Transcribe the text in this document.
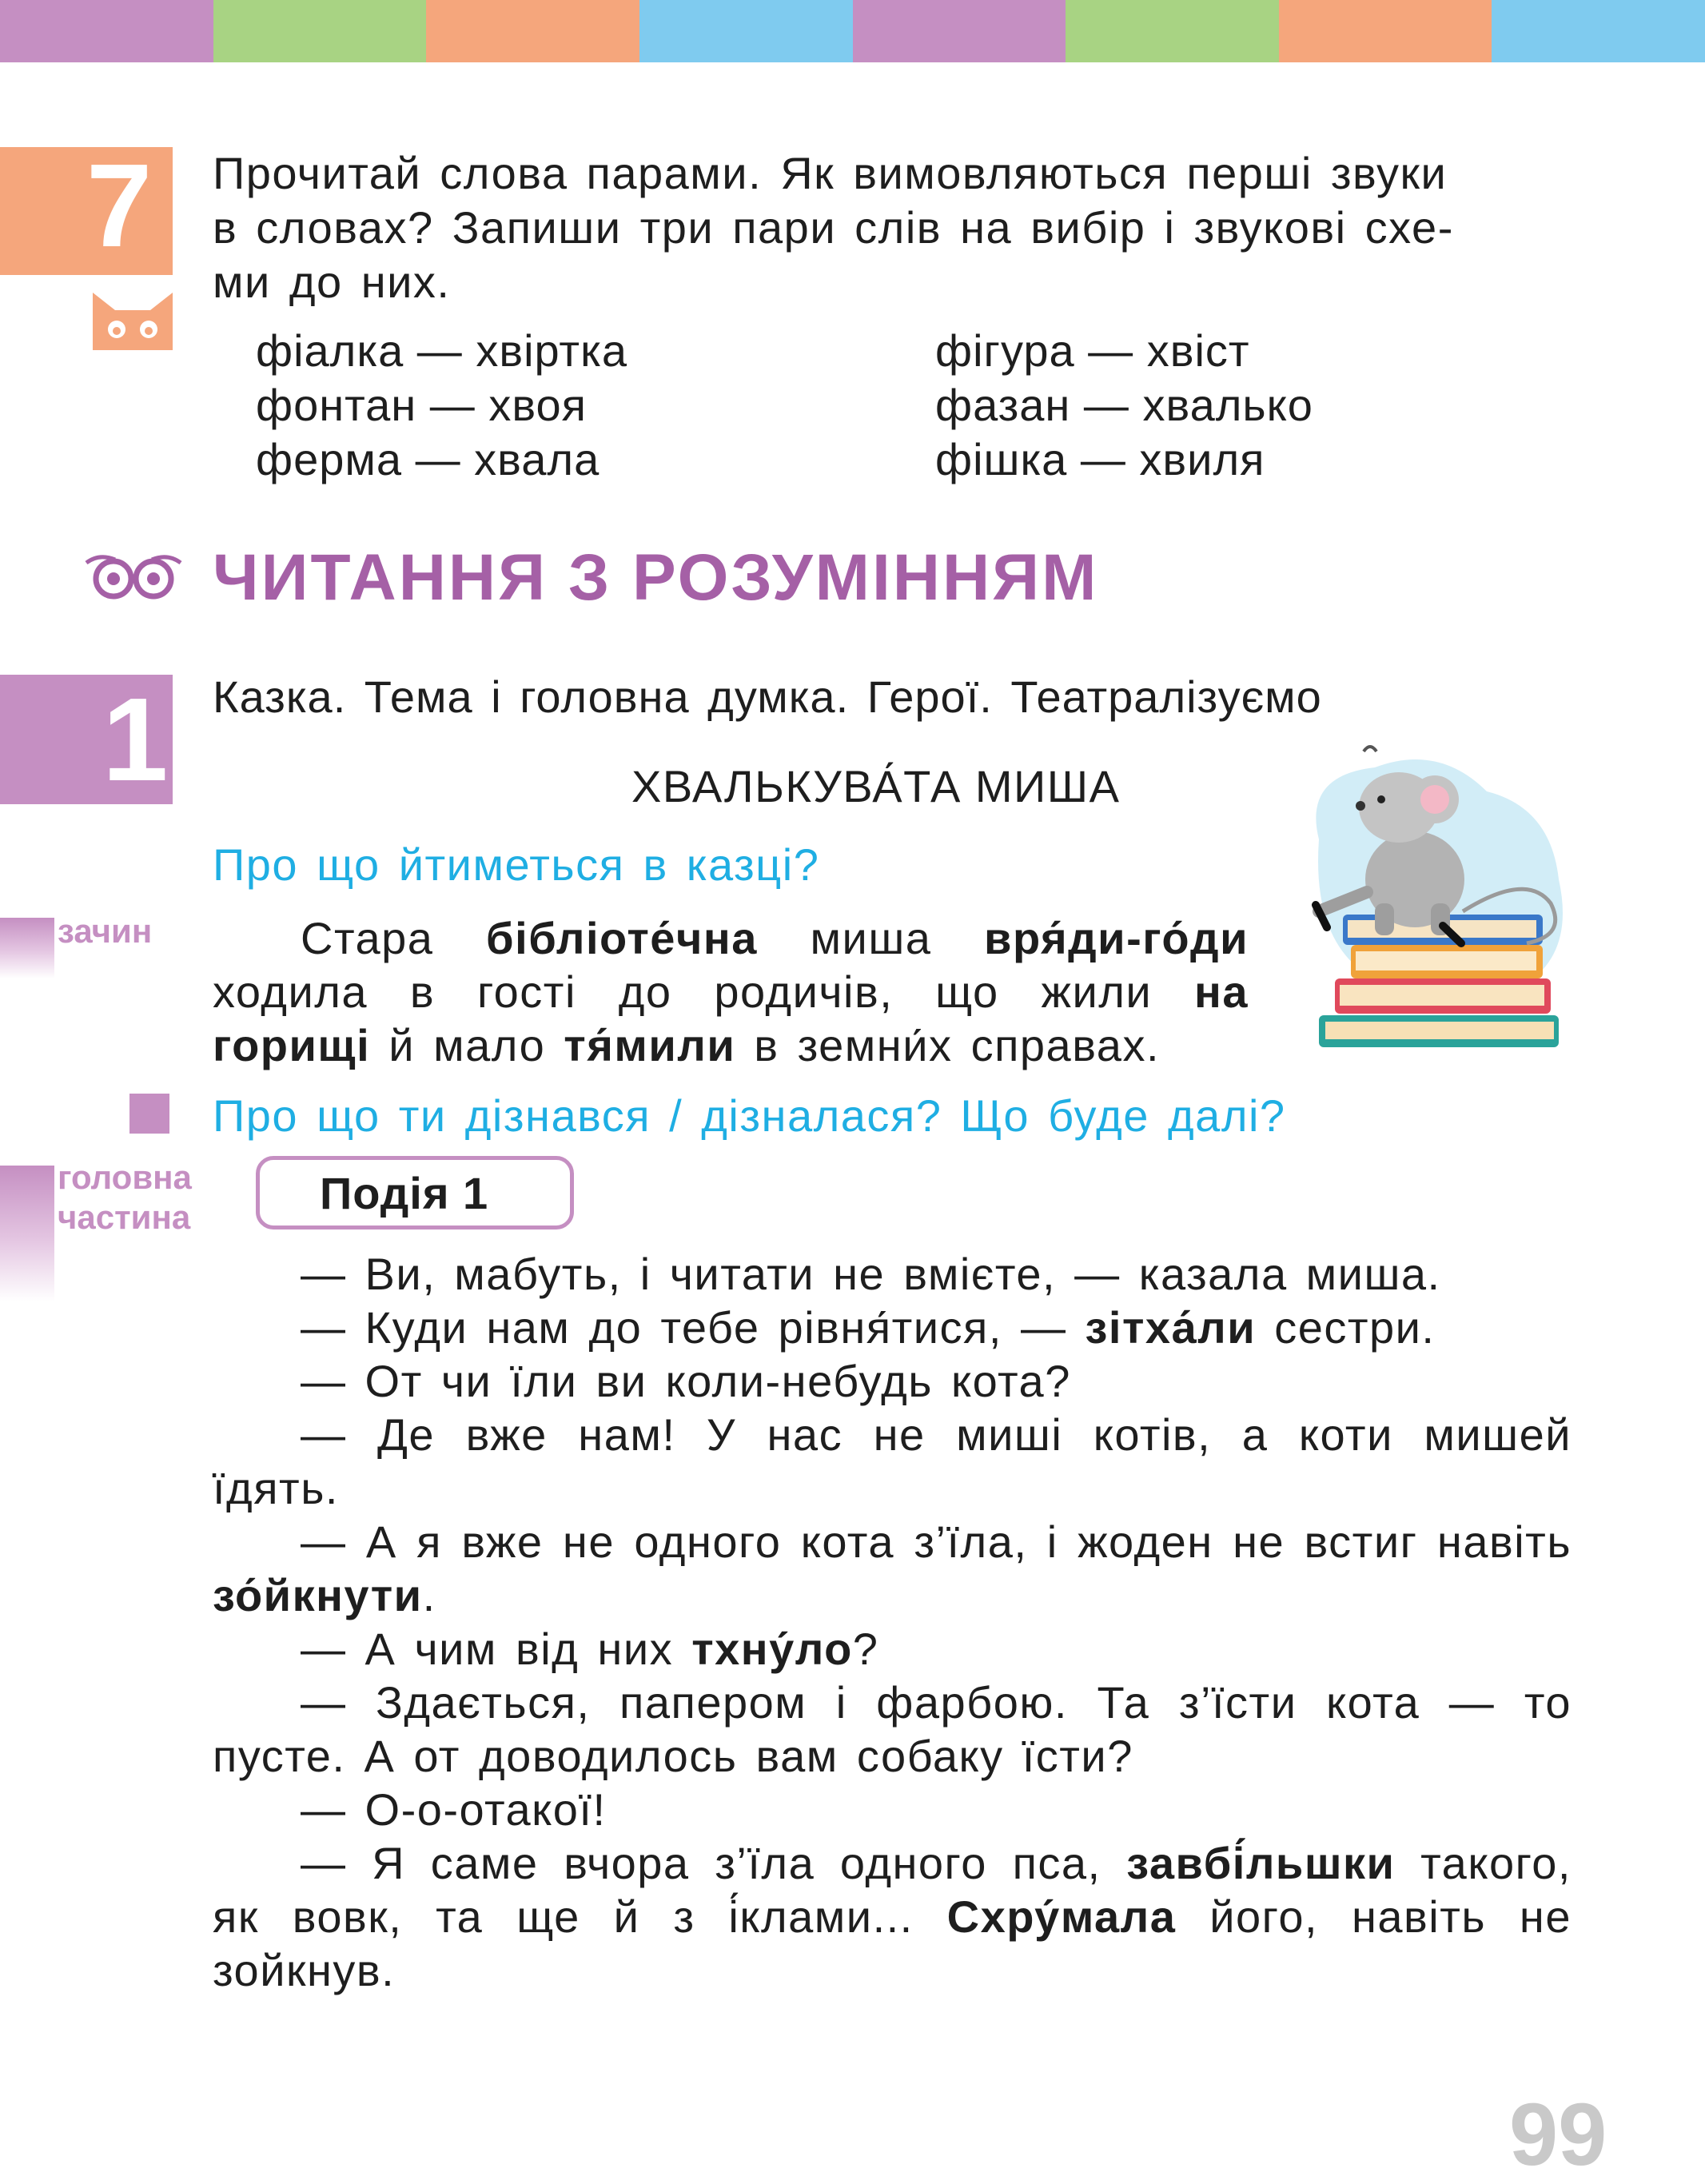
7 Прочитай слова парами. Як вимовляються перші звуки
в словах? Запиши три пари слів на вибір і звукові схе-
ми до них.
фіалка — хвіртка
фонтан — хвоя
ферма — хвала
фігура — хвіст
фазан — хвалько
фішка — хвиля
ЧИТАННЯ З РОЗУМІННЯМ
1 Казка. Тема і головна думка. Герої. Театралізуємо
ХВАЛЬКУВА́ТА МИША
Про що йтиметься в казці?
зачин	Стара бібліоте́чна миша вря́ди-го́ди ходила в гості до родичів, що жили на горищі й мало тя́мили в земни́х справах.

Про що ти дізнався / дізналася? Що буде далі?
головна
частина	Подія 1

— Ви, мабуть, і читати не вмієте, — казала миша.

— Куди нам до тебе рівня́тися, — зітха́ли сестри.

— От чи їли ви коли-небудь кота?

— Де вже нам! У нас не миші котів, а коти мишей їдять.

— А я вже не одного кота з’їла, і жоден не встиг навіть зо́йкнути.

— А чим від них тхну́ло?

— Здається, папером і фарбою. Та з’їсти кота — то пусте. А от доводилось вам собаку їсти?

— О-о-отакої!

— Я саме вчора з’їла одного пса, завбі́льшки такого, як вовк, та ще й з і́клами... Схру́мала його, навіть не зойкнув.

99
